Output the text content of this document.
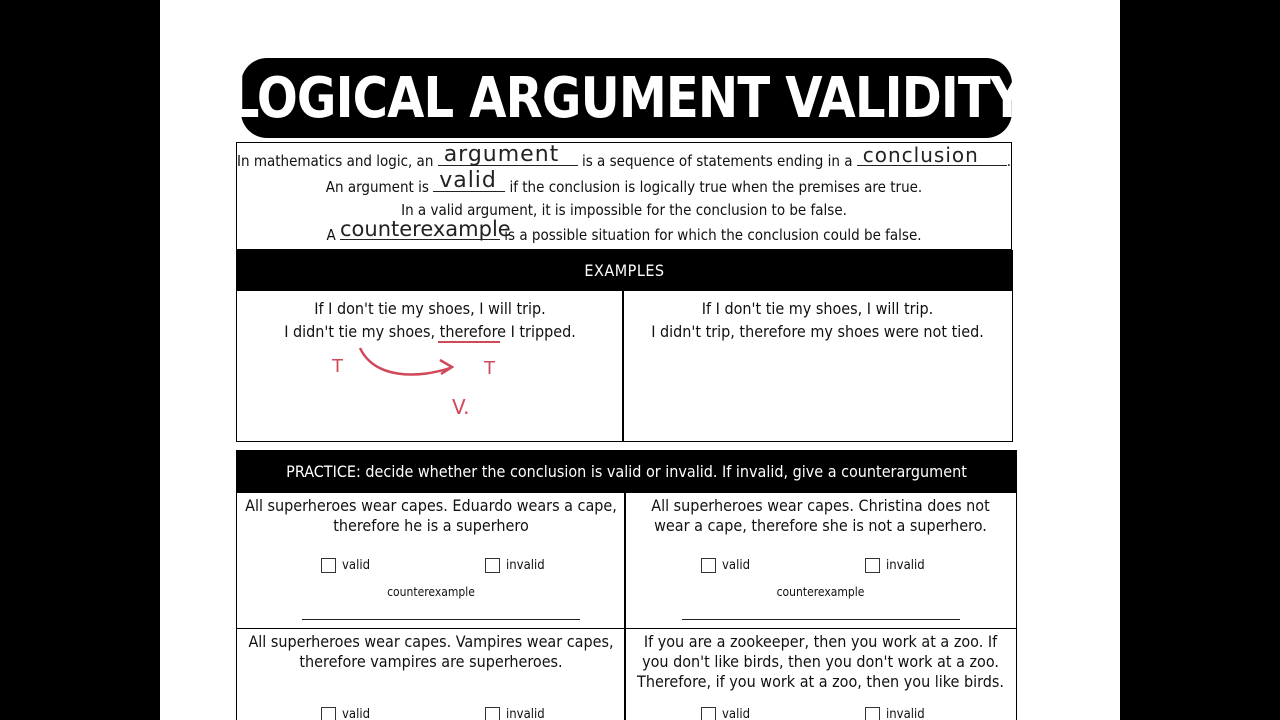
LOGICAL ARGUMENT VALIDITY
In mathematics and logic, an argument is a sequence of statements ending in a conclusion .
An argument is valid if the conclusion is logically true when the premises are true.
In a valid argument, it is impossible for the conclusion to be false.
A counterexample
is a possible situation for which the conclusion could be false.
EXAMPLES
If I don't tie my shoes, I will trip.
I didn't tie my shoes, therefore I tripped.
If I don't tie my shoes, I will trip.
I didn't trip, therefore my shoes were not tied.
T	T
V.
PRACTICE: decide whether the conclusion is valid or invalid. If invalid, give a counterargument
All superheroes wear capes. Eduardo wears a cape, therefore he is a superhero
valid	invalid
counterexample
All superheroes wear capes. Christina does not wear a cape, therefore she is not a superhero.
valid	invalid
counterexample
All superheroes wear capes. Vampires wear capes, therefore vampires are superheroes.
valid	invalid
If you are a zookeeper, then you work at a zoo. If you don't like birds, then you don't work at a zoo. Therefore, if you work at a zoo, then you like birds.
valid	invalid
